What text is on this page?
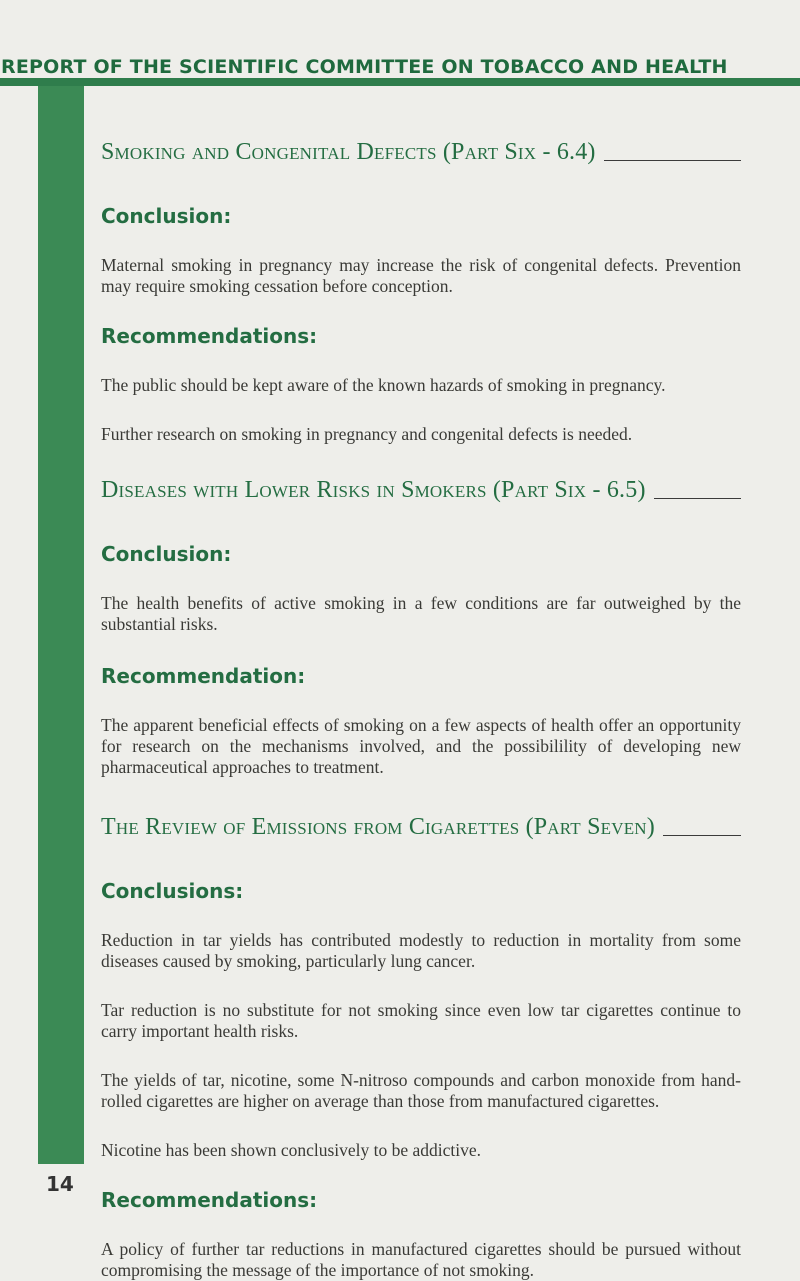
REPORT OF THE SCIENTIFIC COMMITTEE ON TOBACCO AND HEALTH
14
Smoking and Congenital Defects (Part Six - 6.4)
Conclusion:

Maternal smoking in pregnancy may increase the risk of congenital defects. Prevention may require smoking cessation before conception.

Recommendations:

The public should be kept aware of the known hazards of smoking in pregnancy.

Further research on smoking in pregnancy and congenital defects is needed.

Diseases with Lower Risks in Smokers (Part Six - 6.5)
Conclusion:

The health benefits of active smoking in a few conditions are far outweighed by the substantial risks.

Recommendation:

The apparent beneficial effects of smoking on a few aspects of health offer an opportunity for research on the mechanisms involved, and the possibilility of developing new pharmaceutical approaches to treatment.

The Review of Emissions from Cigarettes (Part Seven)
Conclusions:

Reduction in tar yields has contributed modestly to reduction in mortality from some diseases caused by smoking, particularly lung cancer.

Tar reduction is no substitute for not smoking since even low tar cigarettes continue to carry important health risks.

The yields of tar, nicotine, some N-nitroso compounds and carbon monoxide from hand-rolled cigarettes are higher on average than those from manufactured cigarettes.

Nicotine has been shown conclusively to be addictive.

Recommendations:

A policy of further tar reductions in manufactured cigarettes should be pursued without compromising the message of the importance of not smoking.
